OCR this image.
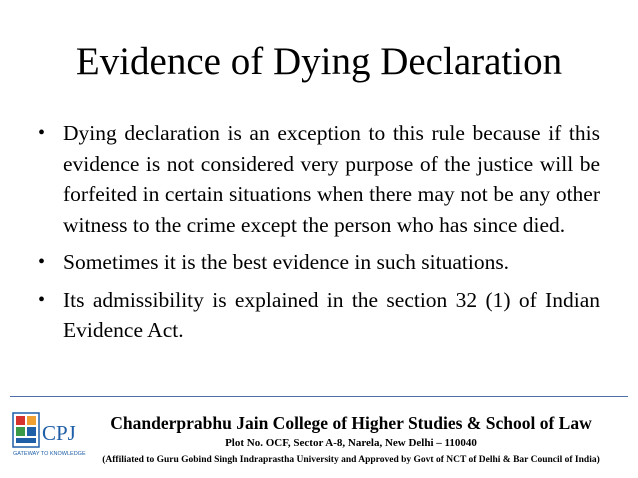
Evidence of Dying Declaration
• Dying declaration is an exception to this rule because if this evidence is not considered very purpose of the justice will be forfeited in certain situations when there may not be any other witness to the crime except the person who has since died.
• Sometimes it is the best evidence in such situations.
• Its admissibility is explained in the section 32 (1) of Indian Evidence Act.
CPJ
GATEWAY TO KNOWLEDGE
Chanderprabhu Jain College of Higher Studies & School of Law
Plot No. OCF, Sector A-8, Narela, New Delhi – 110040
(Affiliated to Guru Gobind Singh Indraprastha University and Approved by Govt of NCT of Delhi & Bar Council of India)
